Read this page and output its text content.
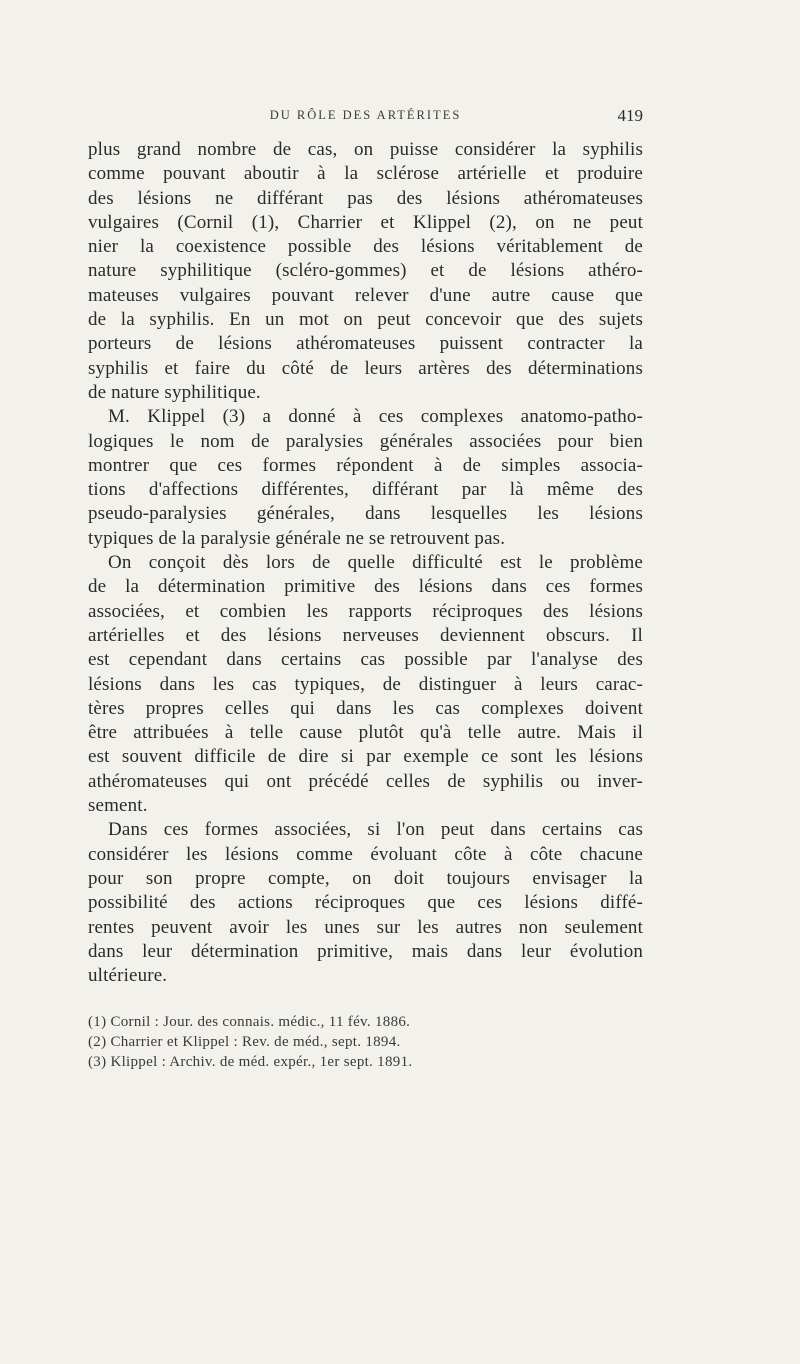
DU RÔLE DES ARTÉRITES	419
plus grand nombre de cas, on puisse considérer la syphilis
comme pouvant aboutir à la sclérose artérielle et produire
des lésions ne différant pas des lésions athéromateuses
vulgaires (Cornil (1), Charrier et Klippel (2), on ne peut
nier la coexistence possible des lésions véritablement de
nature syphilitique (scléro-gommes) et de lésions athéro-
mateuses vulgaires pouvant relever d'une autre cause que
de la syphilis. En un mot on peut concevoir que des sujets
porteurs de lésions athéromateuses puissent contracter la
syphilis et faire du côté de leurs artères des déterminations
de nature syphilitique.
M. Klippel (3) a donné à ces complexes anatomo-patho-
logiques le nom de paralysies générales associées pour bien
montrer que ces formes répondent à de simples associa-
tions d'affections différentes, différant par là même des
pseudo-paralysies générales, dans lesquelles les lésions
typiques de la paralysie générale ne se retrouvent pas.
On conçoit dès lors de quelle difficulté est le problème
de la détermination primitive des lésions dans ces formes
associées, et combien les rapports réciproques des lésions
artérielles et des lésions nerveuses deviennent obscurs. Il
est cependant dans certains cas possible par l'analyse des
lésions dans les cas typiques, de distinguer à leurs carac-
tères propres celles qui dans les cas complexes doivent
être attribuées à telle cause plutôt qu'à telle autre. Mais il
est souvent difficile de dire si par exemple ce sont les lésions
athéromateuses qui ont précédé celles de syphilis ou inver-
sement.
Dans ces formes associées, si l'on peut dans certains cas
considérer les lésions comme évoluant côte à côte chacune
pour son propre compte, on doit toujours envisager la
possibilité des actions réciproques que ces lésions diffé-
rentes peuvent avoir les unes sur les autres non seulement
dans leur détermination primitive, mais dans leur évolution
ultérieure.
(1) Cornil : Jour. des connais. médic., 11 fév. 1886.
(2) Charrier et Klippel : Rev. de méd., sept. 1894.
(3) Klippel : Archiv. de méd. expér., 1er sept. 1891.
